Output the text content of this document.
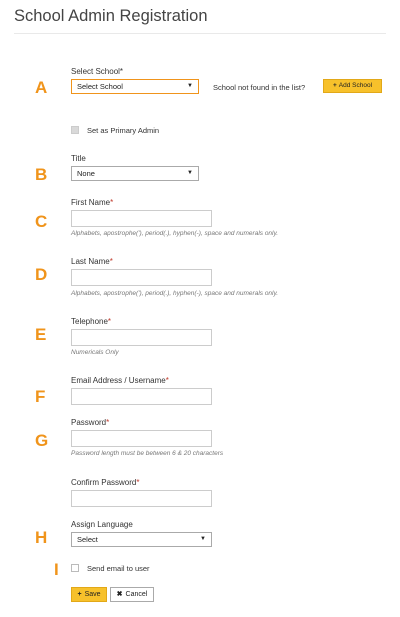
School Admin Registration
A
B
C
D
E
F
G
H
I
Select School*
Select School	▼	School not found in the list?	+ Add School
Set as Primary Admin
Title
None	▼
First Name*
Alphabets, apostrophe('), period(.), hyphen(-), space and numerals only.
Last Name*
Alphabets, apostrophe('), period(.), hyphen(-), space and numerals only.
Telephone*
Numericals Only
Email Address / Username*
Password*
Password length must be between 6 & 20 characters
Confirm Password*
Assign Language
Select	▼
Send email to user
+ Save	✖ Cancel
